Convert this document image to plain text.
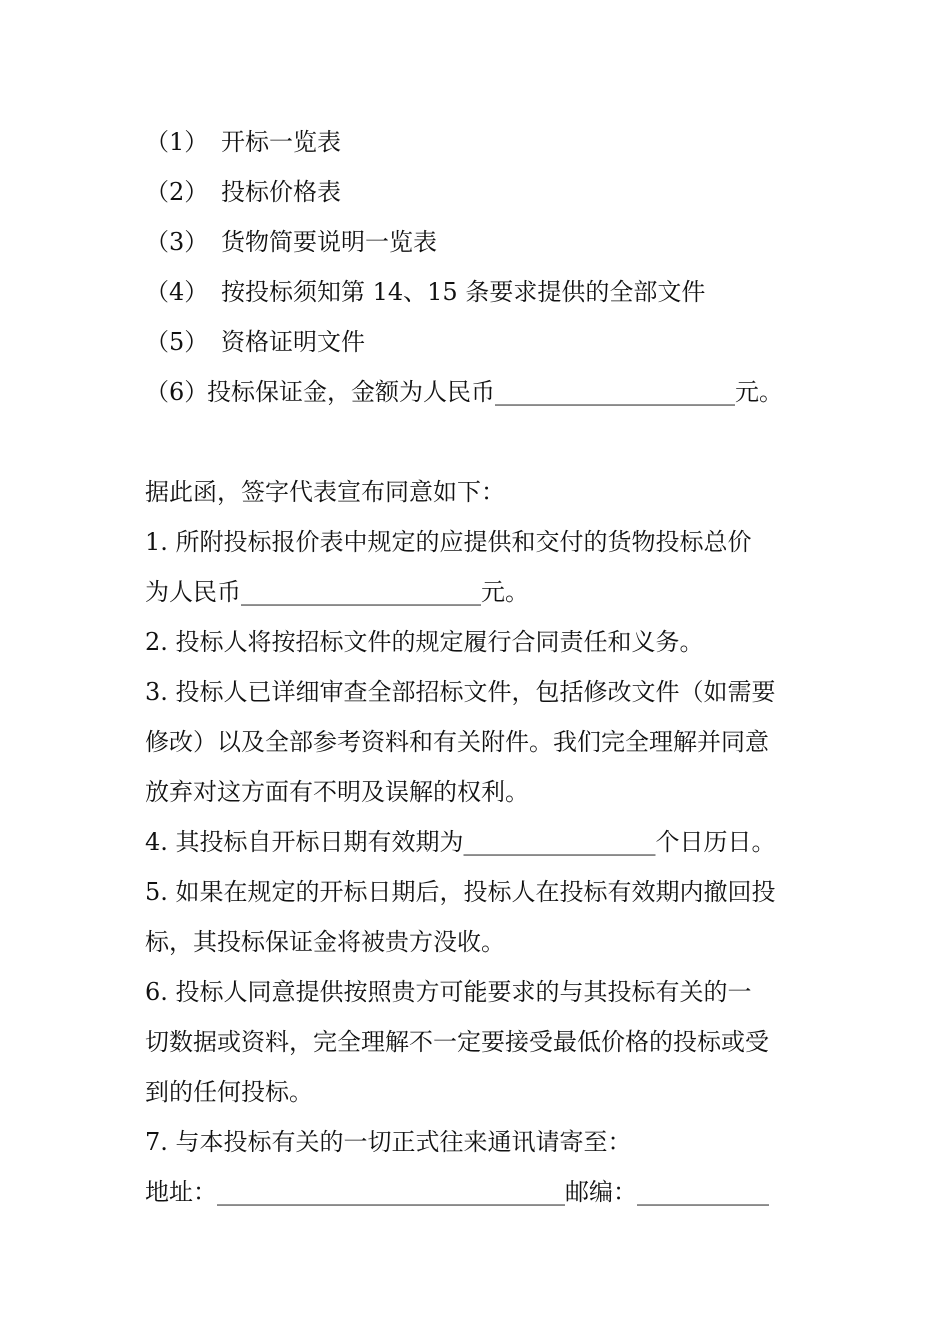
（1） 开标一览表
（2） 投标价格表
（3） 货物简要说明一览表
（4） 按投标须知第 14、15 条要求提供的全部文件
（5） 资格证明文件
（6）投标保证金，金额为人民币____________________元。
据此函，签字代表宣布同意如下：
1. 所附投标报价表中规定的应提供和交付的货物投标总价
为人民币____________________元。
2. 投标人将按招标文件的规定履行合同责任和义务。
3. 投标人已详细审查全部招标文件，包括修改文件（如需要
修改）以及全部参考资料和有关附件。我们完全理解并同意
放弃对这方面有不明及误解的权利。
4. 其投标自开标日期有效期为________________个日历日。
5. 如果在规定的开标日期后，投标人在投标有效期内撤回投
标，其投标保证金将被贵方没收。
6. 投标人同意提供按照贵方可能要求的与其投标有关的一
切数据或资料，完全理解不一定要接受最低价格的投标或受
到的任何投标。
7. 与本投标有关的一切正式往来通讯请寄至：
地址：_____________________________邮编：___________
